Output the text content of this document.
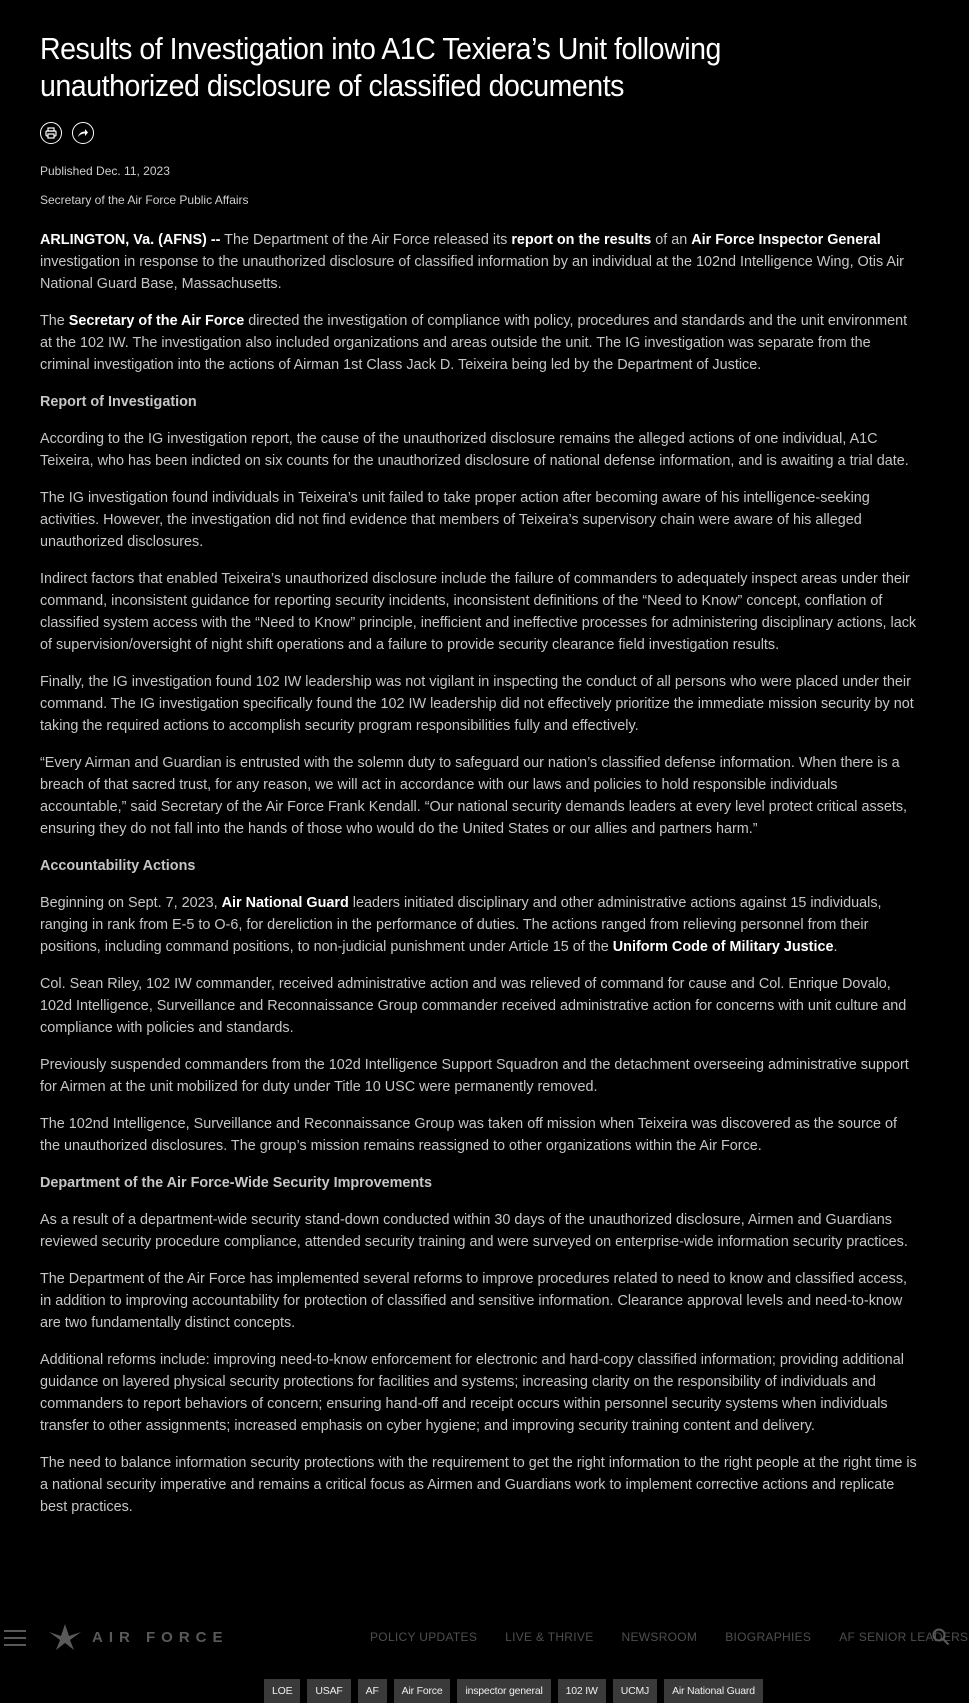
Results of Investigation into A1C Texiera’s Unit following unauthorized disclosure of classified documents
Published Dec. 11, 2023
Secretary of the Air Force Public Affairs

ARLINGTON, Va. (AFNS) -- The Department of the Air Force released its report on the results of an Air Force Inspector General investigation in response to the unauthorized disclosure of classified information by an individual at the 102nd Intelligence Wing, Otis Air National Guard Base, Massachusetts.

The Secretary of the Air Force directed the investigation of compliance with policy, procedures and standards and the unit environment at the 102 IW. The investigation also included organizations and areas outside the unit. The IG investigation was separate from the criminal investigation into the actions of Airman 1st Class Jack D. Teixeira being led by the Department of Justice.

Report of Investigation

According to the IG investigation report, the cause of the unauthorized disclosure remains the alleged actions of one individual, A1C Teixeira, who has been indicted on six counts for the unauthorized disclosure of national defense information, and is awaiting a trial date.

The IG investigation found individuals in Teixeira’s unit failed to take proper action after becoming aware of his intelligence-seeking activities. However, the investigation did not find evidence that members of Teixeira’s supervisory chain were aware of his alleged unauthorized disclosures.

Indirect factors that enabled Teixeira’s unauthorized disclosure include the failure of commanders to adequately inspect areas under their command, inconsistent guidance for reporting security incidents, inconsistent definitions of the “Need to Know” concept, conflation of classified system access with the “Need to Know” principle, inefficient and ineffective processes for administering disciplinary actions, lack of supervision/oversight of night shift operations and a failure to provide security clearance field investigation results.

Finally, the IG investigation found 102 IW leadership was not vigilant in inspecting the conduct of all persons who were placed under their command. The IG investigation specifically found the 102 IW leadership did not effectively prioritize the immediate mission security by not taking the required actions to accomplish security program responsibilities fully and effectively.

“Every Airman and Guardian is entrusted with the solemn duty to safeguard our nation’s classified defense information. When there is a breach of that sacred trust, for any reason, we will act in accordance with our laws and policies to hold responsible individuals accountable,” said Secretary of the Air Force Frank Kendall. “Our national security demands leaders at every level protect critical assets, ensuring they do not fall into the hands of those who would do the United States or our allies and partners harm.”

Accountability Actions

Beginning on Sept. 7, 2023, Air National Guard leaders initiated disciplinary and other administrative actions against 15 individuals, ranging in rank from E-5 to O-6, for dereliction in the performance of duties. The actions ranged from relieving personnel from their positions, including command positions, to non-judicial punishment under Article 15 of the Uniform Code of Military Justice.

Col. Sean Riley, 102 IW commander, received administrative action and was relieved of command for cause and Col. Enrique Dovalo, 102d Intelligence, Surveillance and Reconnaissance Group commander received administrative action for concerns with unit culture and compliance with policies and standards.

Previously suspended commanders from the 102d Intelligence Support Squadron and the detachment overseeing administrative support for Airmen at the unit mobilized for duty under Title 10 USC were permanently removed.

The 102nd Intelligence, Surveillance and Reconnaissance Group was taken off mission when Teixeira was discovered as the source of the unauthorized disclosures. The group’s mission remains reassigned to other organizations within the Air Force.

Department of the Air Force-Wide Security Improvements

As a result of a department-wide security stand-down conducted within 30 days of the unauthorized disclosure, Airmen and Guardians reviewed security procedure compliance, attended security training and were surveyed on enterprise-wide information security practices.

The Department of the Air Force has implemented several reforms to improve procedures related to need to know and classified access, in addition to improving accountability for protection of classified and sensitive information. Clearance approval levels and need-to-know are two fundamentally distinct concepts.

Additional reforms include: improving need-to-know enforcement for electronic and hard-copy classified information; providing additional guidance on layered physical security protections for facilities and systems; increasing clarity on the responsibility of individuals and commanders to report behaviors of concern; ensuring hand-off and receipt occurs within personnel security systems when individuals transfer to other assignments; increased emphasis on cyber hygiene; and improving security training content and delivery.

The need to balance information security protections with the requirement to get the right information to the right people at the right time is a national security imperative and remains a critical focus as Airmen and Guardians work to implement corrective actions and replicate best practices.

AIR FORCE	POLICY UPDATES LIVE & THRIVE NEWSROOM BIOGRAPHIES AF SENIOR LEADERS
LOE	USAF	AF	Air Force	inspector general	102 IW	UCMJ	Air National Guard
